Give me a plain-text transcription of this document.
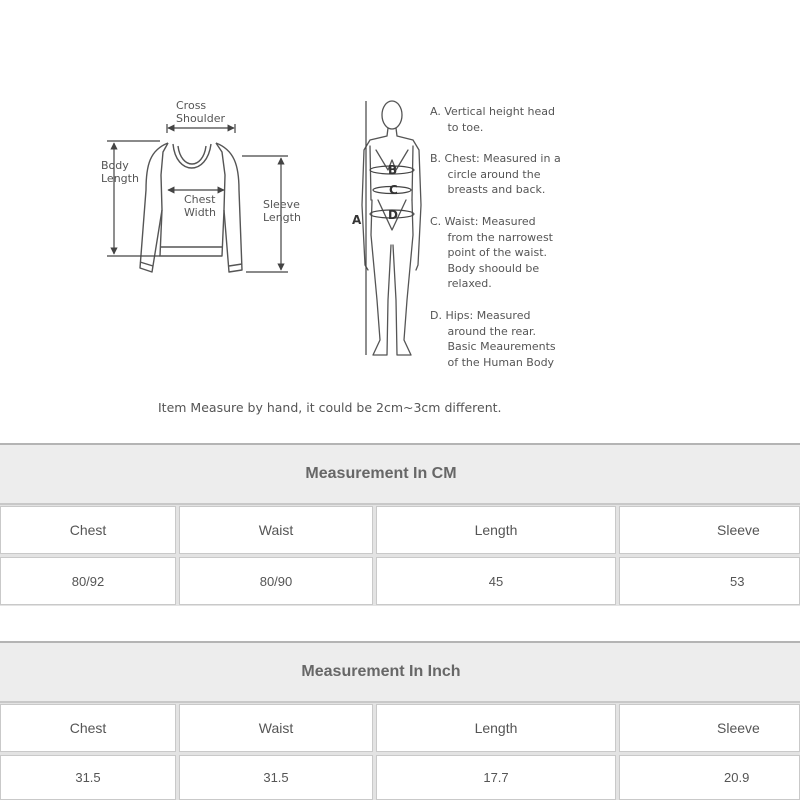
Cross
Shoulder
Body
Length
Chest
Width
Sleeve
Length	A
B
C
D
A. Vertical height head
to toe.
B. Chest: Measured in a
circle around the
breasts and back.
C. Waist: Measured
from the narrowest
point of the waist.
Body shoould be
relaxed.
D. Hips: Measured
around the rear.
Basic Meaurements
of the Human Body
Item Measure by hand, it could be 2cm~3cm different.
Measurement In CM
Chest	Waist	Length	Sleeve
80/92	80/90	45	53
Measurement In Inch
Chest	Waist	Length	Sleeve
31.5	31.5	17.7	20.9
